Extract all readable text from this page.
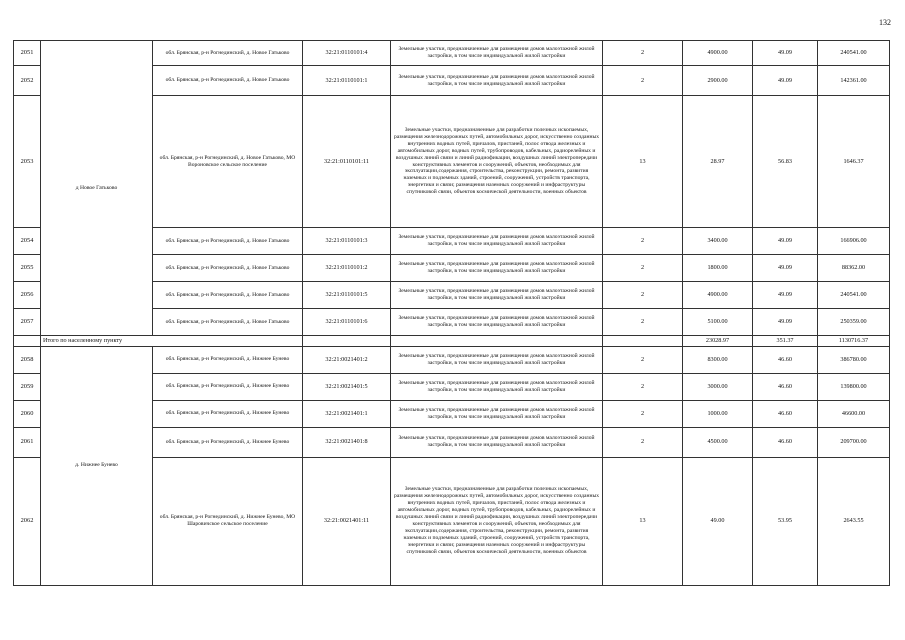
132
2051	д Новое Гатьково	обл. Брянская, р-н Рогнединский, д. Новое Гатьково	32:21:0110101:4	Земельные участки, предназначенные для размещения домов малоэтажной жилой застройки, в том числе индивидуальной жилой застройки	2	4900.00	49.09	240541.00
2052		обл. Брянская, р-н Рогнединский, д. Новое Гатьково	32:21:0110101:1	Земельные участки, предназначенные для размещения домов малоэтажной жилой застройки, в том числе индивидуальной жилой застройки	2	2900.00	49.09	142361.00
2053		обл. Брянская, р-н Рогнединский, д. Новое Гатьково, МО Вороновское сельское поселение	32:21:0110101:11	Земельные участки, предназначенные для разработки полезных ископаемых, размещения железнодорожных путей, автомобильных дорог, искусственно созданных внутренних водных путей, причалов, пристаней, полос отвода железных и автомобильных дорог, водных путей, трубопроводов, кабельных, радиорелейных и воздушных линий связи и линий радиофикации, воздушных линий электропередачи конструктивных элементов и сооружений, объектов, необходимых для эксплуатации,содержания, строительства, реконструкции, ремонта, развития наземных и подземных зданий, строений, сооружений, устройств транспорта, энергетики и связи; размещения наземных сооружений и инфраструктуры спутниковой связи, объектов космической деятельности, военных объектов	13	28.97	56.83	1646.37
2054		обл. Брянская, р-н Рогнединский, д. Новое Гатьково	32:21:0110101:3	Земельные участки, предназначенные для размещения домов малоэтажной жилой застройки, в том числе индивидуальной жилой застройки	2	3400.00	49.09	166906.00
2055		обл. Брянская, р-н Рогнединский, д. Новое Гатьково	32:21:0110101:2	Земельные участки, предназначенные для размещения домов малоэтажной жилой застройки, в том числе индивидуальной жилой застройки	2	1800.00	49.09	88362.00
2056		обл. Брянская, р-н Рогнединский, д. Новое Гатьково	32:21:0110101:5	Земельные участки, предназначенные для размещения домов малоэтажной жилой застройки, в том числе индивидуальной жилой застройки	2	4900.00	49.09	240541.00
2057		обл. Брянская, р-н Рогнединский, д. Новое Гатьково	32:21:0110101:6	Земельные участки, предназначенные для размещения домов малоэтажной жилой застройки, в том числе индивидуальной жилой застройки	2	5100.00	49.09	250359.00
	Итого по населенному пункту					23028.97	351.37	1130716.37
2058	д. Нижнее Бунево	обл. Брянская, р-н Рогнединский, д. Нижнее Бунево	32:21:0021401:2	Земельные участки, предназначенные для размещения домов малоэтажной жилой застройки, в том числе индивидуальной жилой застройки	2	8300.00	46.60	386780.00
2059		обл. Брянская, р-н Рогнединский, д. Нижнее Бунево	32:21:0021401:5	Земельные участки, предназначенные для размещения домов малоэтажной жилой застройки, в том числе индивидуальной жилой застройки	2	3000.00	46.60	139800.00
2060		обл. Брянская, р-н Рогнединский, д. Нижнее Бунево	32:21:0021401:1	Земельные участки, предназначенные для размещения домов малоэтажной жилой застройки, в том числе индивидуальной жилой застройки	2	1000.00	46.60	46600.00
2061		обл. Брянская, р-н Рогнединский, д. Нижнее Бунево	32:21:0021401:8	Земельные участки, предназначенные для размещения домов малоэтажной жилой застройки, в том числе индивидуальной жилой застройки	2	4500.00	46.60	209700.00
2062		обл. Брянская, р-н Рогнединский, д. Нижнее Бунево, МО Шаровичское сельское поселение	32:21:0021401:11	Земельные участки, предназначенные для разработки полезных ископаемых, размещения железнодорожных путей, автомобильных дорог, искусственно созданных внутренних водных путей, причалов, пристаней, полос отвода железных и автомобильных дорог, водных путей, трубопроводов, кабельных, радиорелейных и воздушных линий связи и линий радиофикации, воздушных линий электропередачи конструктивных элементов и сооружений, объектов, необходимых для эксплуатации,содержания, строительства, реконструкции, ремонта, развития наземных и подземных зданий, строений, сооружений, устройств транспорта, энергетики и связи; размещения наземных сооружений и инфраструктуры спутниковой связи, объектов космической деятельности, военных объектов	13	49.00	53.95	2643.55
